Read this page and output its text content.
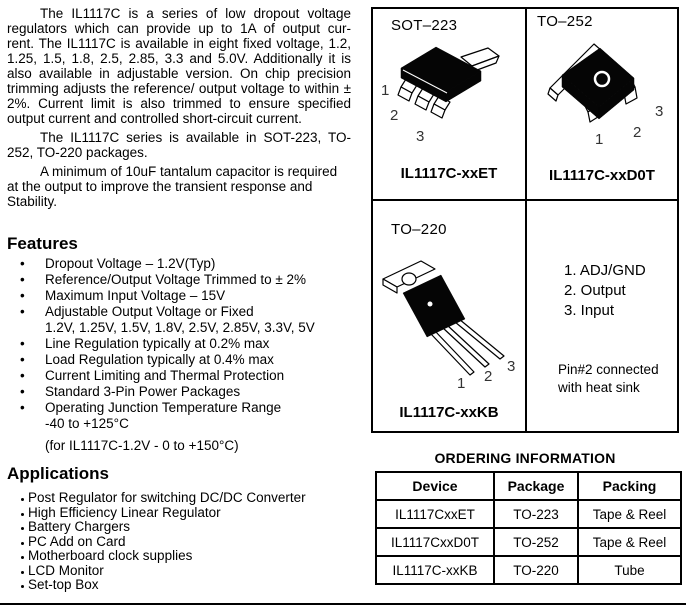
The IL1117C is a series of low dropout voltage
regulators which can provide up to 1A of output cur-
rent. The IL1117C is available in eight fixed voltage, 1.2,
1.25, 1.5, 1.8, 2.5, 2.85, 3.3 and 5.0V. Additionally it is
also available in adjustable version. On chip precision
trimming adjusts the reference/ output voltage to within ±
2%. Current limit is also trimmed to ensure specified
output current and controlled short-circuit current.
The IL1117C series is available in SOT-223, TO-
252, TO-220 packages.
A minimum of 10uF tantalum capacitor is required
at the output to improve the transient response and
Stability.
Features
• Dropout Voltage – 1.2V(Typ)
• Reference/Output Voltage Trimmed to ± 2%
• Maximum Input Voltage – 15V
• Adjustable Output Voltage or Fixed
1.2V, 1.25V, 1.5V, 1.8V, 2.5V, 2.85V, 3.3V, 5V
• Line Regulation typically at 0.2% max
• Load Regulation typically at 0.4% max
• Current Limiting and Thermal Protection
• Standard 3-Pin Power Packages
• Operating Junction Temperature Range
-40 to +125°C
(for IL1117C-1.2V - 0 to +150°C)
Applications
Post Regulator for switching DC/DC Converter
High Efficiency Linear Regulator
Battery Chargers
PC Add on Card
Motherboard clock supplies
LCD Monitor
Set-top Box
SOT–223
1
2
3
IL1117C-xxET
TO–252
1 2
3
IL1117C-xxD0T
TO–220
1 2
3
IL1117C-xxKB
1. ADJ/GND
2. Output
3. Input
Pin#2 connected
with heat sink
ORDERING INFORMATION
Device	Package	Packing
IL1117CxxET	TO-223	Tape & Reel
IL1117CxxD0T	TO-252	Tape & Reel
IL1117C-xxKB	TO-220	Tube
